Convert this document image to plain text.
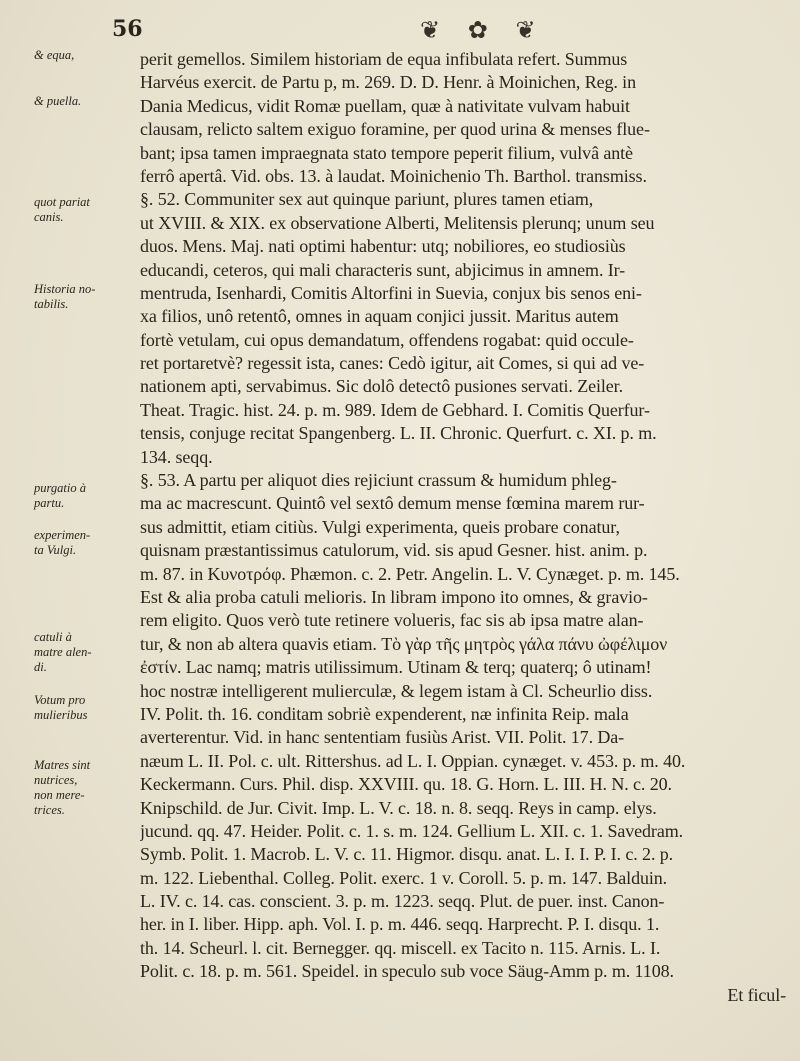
56	❦ ✿ ❦
& equa,
& puella.
quot pariat
canis.
Historia no-
tabilis.
purgatio à
partu.
experimen-
ta Vulgi.
catuli à
matre alen-
di.
Votum pro
mulieribus
Matres sint
nutrices,
non mere-
trices.
perit gemellos. Similem historiam de equa infibulata refert. Summus
Harvéus exercit. de Partu p, m. 269. D. D. Henr. à Moinichen, Reg. in
Dania Medicus, vidit Romæ puellam, quæ à nativitate vulvam habuit
clausam, relicto saltem exiguo foramine, per quod urina & menses flue-
bant; ipsa tamen impraegnata stato tempore peperit filium, vulvâ antè
ferrô apertâ. Vid. obs. 13. à laudat. Moinichenio Th. Barthol. transmiss.
§. 52. Communiter sex aut quinque pariunt, plures tamen etiam,
ut XVIII. & XIX. ex observatione Alberti, Melitensis plerunq; unum seu
duos. Mens. Maj. nati optimi habentur: utq; nobiliores, eo studiosiùs
educandi, ceteros, qui mali characteris sunt, abjicimus in amnem. Ir-
mentruda, Isenhardi, Comitis Altorfini in Suevia, conjux bis senos eni-
xa filios, unô retentô, omnes in aquam conjici jussit. Maritus autem
fortè vetulam, cui opus demandatum, offendens rogabat: quid occule-
ret portaretvè? regessit ista, canes: Cedò igitur, ait Comes, si qui ad ve-
nationem apti, servabimus. Sic dolô detectô pusiones servati. Zeiler.
Theat. Tragic. hist. 24. p. m. 989. Idem de Gebhard. I. Comitis Querfur-
tensis, conjuge recitat Spangenberg. L. II. Chronic. Querfurt. c. XI. p. m.
134. seqq.
§. 53. A partu per aliquot dies rejiciunt crassum & humidum phleg-
ma ac macrescunt. Quintô vel sextô demum mense fœmina marem rur-
sus admittit, etiam citiùs. Vulgi experimenta, queis probare conatur,
quisnam præstantissimus catulorum, vid. sis apud Gesner. hist. anim. p.
m. 87. in Κυνοτρόφ. Phæmon. c. 2. Petr. Angelin. L. V. Cynæget. p. m. 145.
Est & alia proba catuli melioris. In libram impono ito omnes, & gravio-
rem eligito. Quos verò tute retinere volueris, fac sis ab ipsa matre alan-
tur, & non ab altera quavis etiam. Τὸ γὰρ τῆς μητρὸς γάλα πάνυ ὠφέλιμον
ἐστίν. Lac namq; matris utilissimum. Utinam & terq; quaterq; ô utinam!
hoc nostræ intelligerent mulierculæ, & legem istam à Cl. Scheurlio diss.
IV. Polit. th. 16. conditam sobriè expenderent, næ infinita Reip. mala
averterentur. Vid. in hanc sententiam fusiùs Arist. VII. Polit. 17. Da-
næum L. II. Pol. c. ult. Rittershus. ad L. I. Oppian. cynæget. v. 453. p. m. 40.
Keckermann. Curs. Phil. disp. XXVIII. qu. 18. G. Horn. L. III. H. N. c. 20.
Knipschild. de Jur. Civit. Imp. L. V. c. 18. n. 8. seqq. Reys in camp. elys.
jucund. qq. 47. Heider. Polit. c. 1. s. m. 124. Gellium L. XII. c. 1. Savedram.
Symb. Polit. 1. Macrob. L. V. c. 11. Higmor. disqu. anat. L. I. I. P. I. c. 2. p.
m. 122. Liebenthal. Colleg. Polit. exerc. 1 v. Coroll. 5. p. m. 147. Balduin.
L. IV. c. 14. cas. conscient. 3. p. m. 1223. seqq. Plut. de puer. inst. Canon-
her. in I. liber. Hipp. aph. Vol. I. p. m. 446. seqq. Harprecht. P. I. disqu. 1.
th. 14. Scheurl. l. cit. Bernegger. qq. miscell. ex Tacito n. 115. Arnis. L. I.
Polit. c. 18. p. m. 561. Speidel. in speculo sub voce Säug-Amm p. m. 1108.
Et ficul-
